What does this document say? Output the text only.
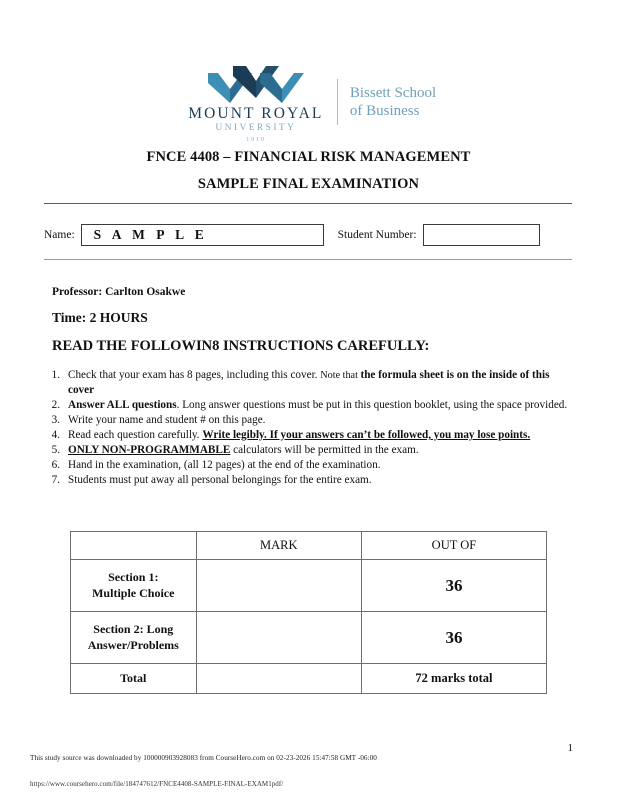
MOUNT ROYAL
UNIVERSITY
1910
Bissett School
of Business
FNCE 4408 – FINANCIAL RISK MANAGEMENT
SAMPLE FINAL EXAMINATION
Name: S A M P L E	Student Number:
Professor: Carlton Osakwe
Time: 2 HOURS
READ THE FOLLOWIN8 INSTRUCTIONS CAREFULLY:
1. Check that your exam has 8 pages, including this cover. Note that the formula sheet is on the inside of this cover
2. Answer ALL questions. Long answer questions must be put in this question booklet, using the space provided.
3. Write your name and student # on this page.
4. Read each question carefully. Write legibly. If your answers can’t be followed, you may lose points.
5. ONLY NON-PROGRAMMABLE calculators will be permitted in the exam.
6. Hand in the examination, (all 12 pages) at the end of the examination.
7. Students must put away all personal belongings for the entire exam.
	MARK	OUT OF

Section 1:
Multiple Choice		36

Section 2: Long
Answer/Problems		36
Total		72 marks total
1
This study source was downloaded by 100000903928083 from CourseHero.com on 02-23-2026 15:47:58 GMT -06:00
https://www.coursehero.com/file/184747612/FNCE4408-SAMPLE-FINAL-EXAM1pdf/
